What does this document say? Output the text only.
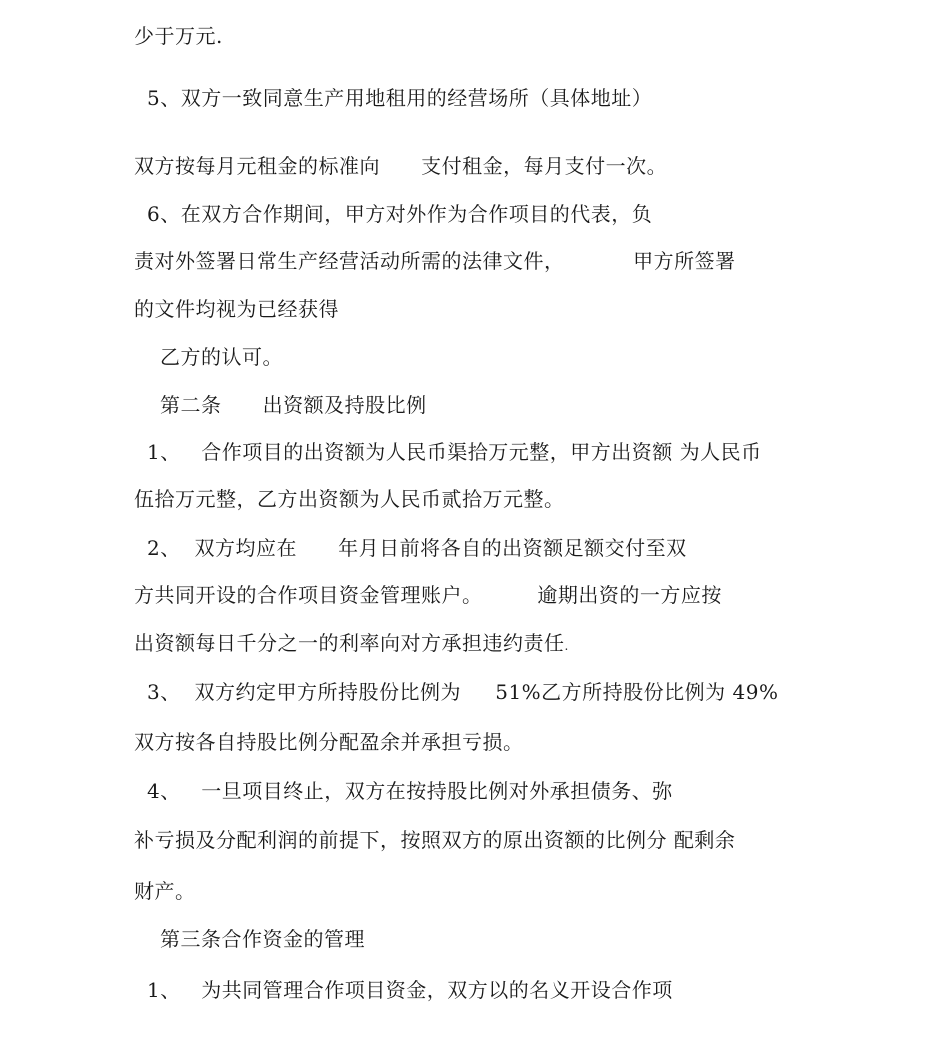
少于万元.
5、双方一致同意生产用地租用的经营场所（具体地址）
双方按每月元租金的标准向      支付租金，每月支付一次。
6、在双方合作期间，甲方对外作为合作项目的代表，负
责对外签署日常生产经营活动所需的法律文件，          甲方所签署
的文件均视为已经获得
乙方的认可。
第二条      出资额及持股比例
1、   合作项目的出资额为人民币渠拾万元整，甲方出资额 为人民币
伍拾万元整，乙方出资额为人民币贰拾万元整。
2、  双方均应在      年月日前将各自的出资额足额交付至双
方共同开设的合作项目资金管理账户。        逾期出资的一方应按
出资额每日千分之一的利率向对方承担违约责任.
3、  双方约定甲方所持股份比例为     51%乙方所持股份比例为 49%
双方按各自持股比例分配盈余并承担亏损。
4、   一旦项目终止，双方在按持股比例对外承担债务、弥
补亏损及分配利润的前提下，按照双方的原出资额的比例分 配剩余
财产。
第三条合作资金的管理
1、   为共同管理合作项目资金，双方以的名义开设合作项
